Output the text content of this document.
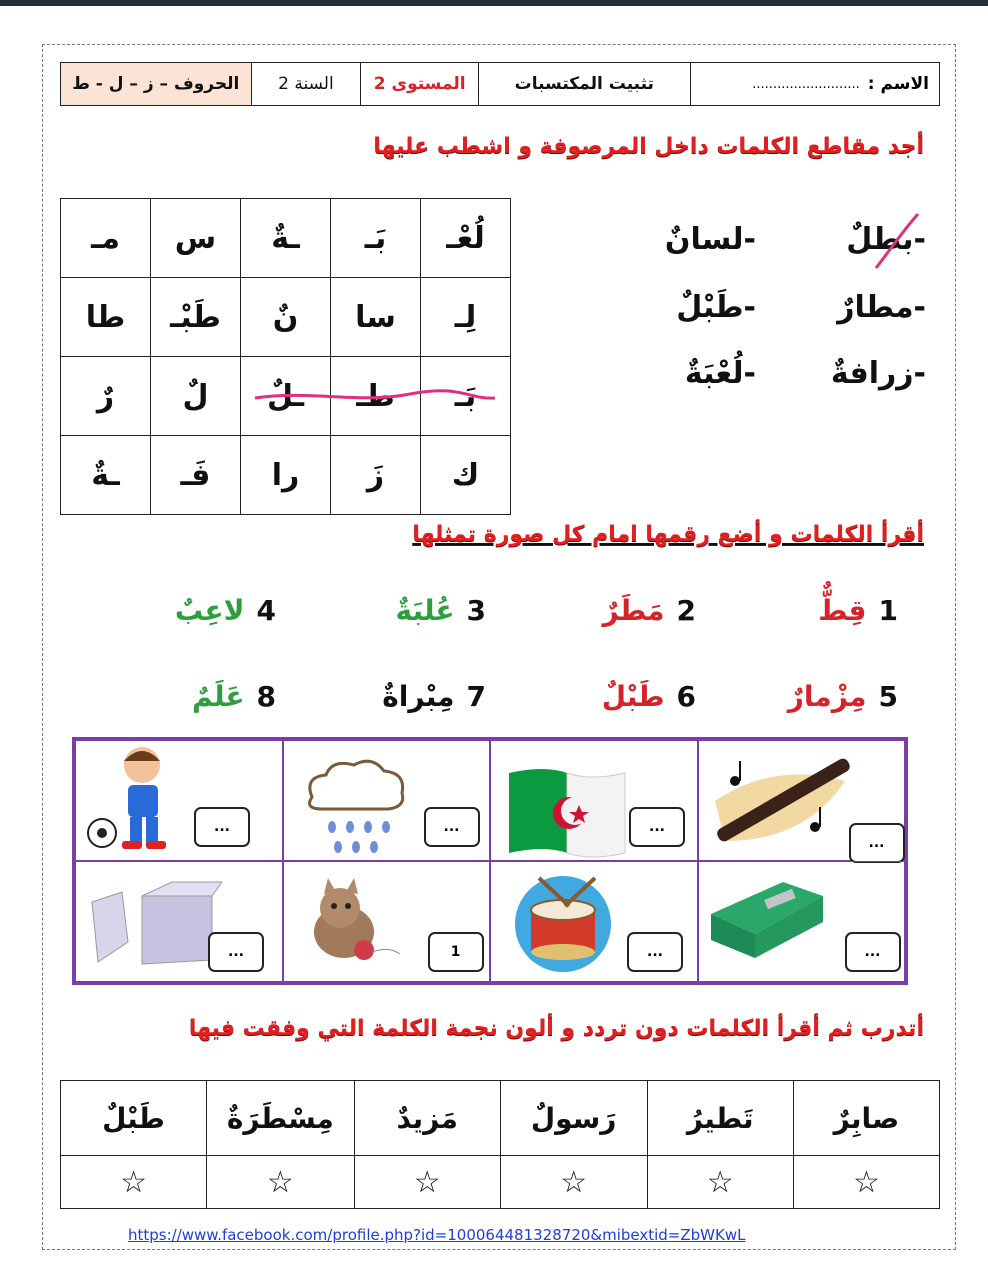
الاسم :
..........................
تثبيت المكتسبات
المستوى 2
السنة 2
الحروف – ز – ل - ط
أجد مقاطع الكلمات داخل المرصوفة و اشطب عليها
مـ	س	ـةٌ	بَـ	لُعْـ
طا	طَبْـ	نٌ	سا	لِـ
رٌ	لٌ	ـلٌ	طـ	بَـ
ـةٌ	فَـ	را	زَ	ك
-بطلٌ
-مطارٌ
-زرافةٌ
-لسانٌ
-طَبْلٌ
-لُعْبَةٌ
أقرأ الكلمات و أضع رقمها امام كل صورة تمثلها
1
قِطٌّ
2
مَطَرٌ
3
عُلبَةٌ
4
لاعِبٌ
5
مِزْمارٌ
6
طَبْلٌ
7
مِبْراةٌ
8
عَلَمٌ
...	...	...
...
...	1	...	...
أتدرب ثم أقرأ الكلمات دون تردد و ألون نجمة الكلمة التي وفقت فيها
طَبْلٌ	مِسْطَرَةٌ	مَزيدٌ	رَسولٌ	تَطيرُ	صابِرٌ
☆	☆	☆	☆	☆	☆
https://www.facebook.com/profile.php?id=100064481328720&mibextid=ZbWKwL
